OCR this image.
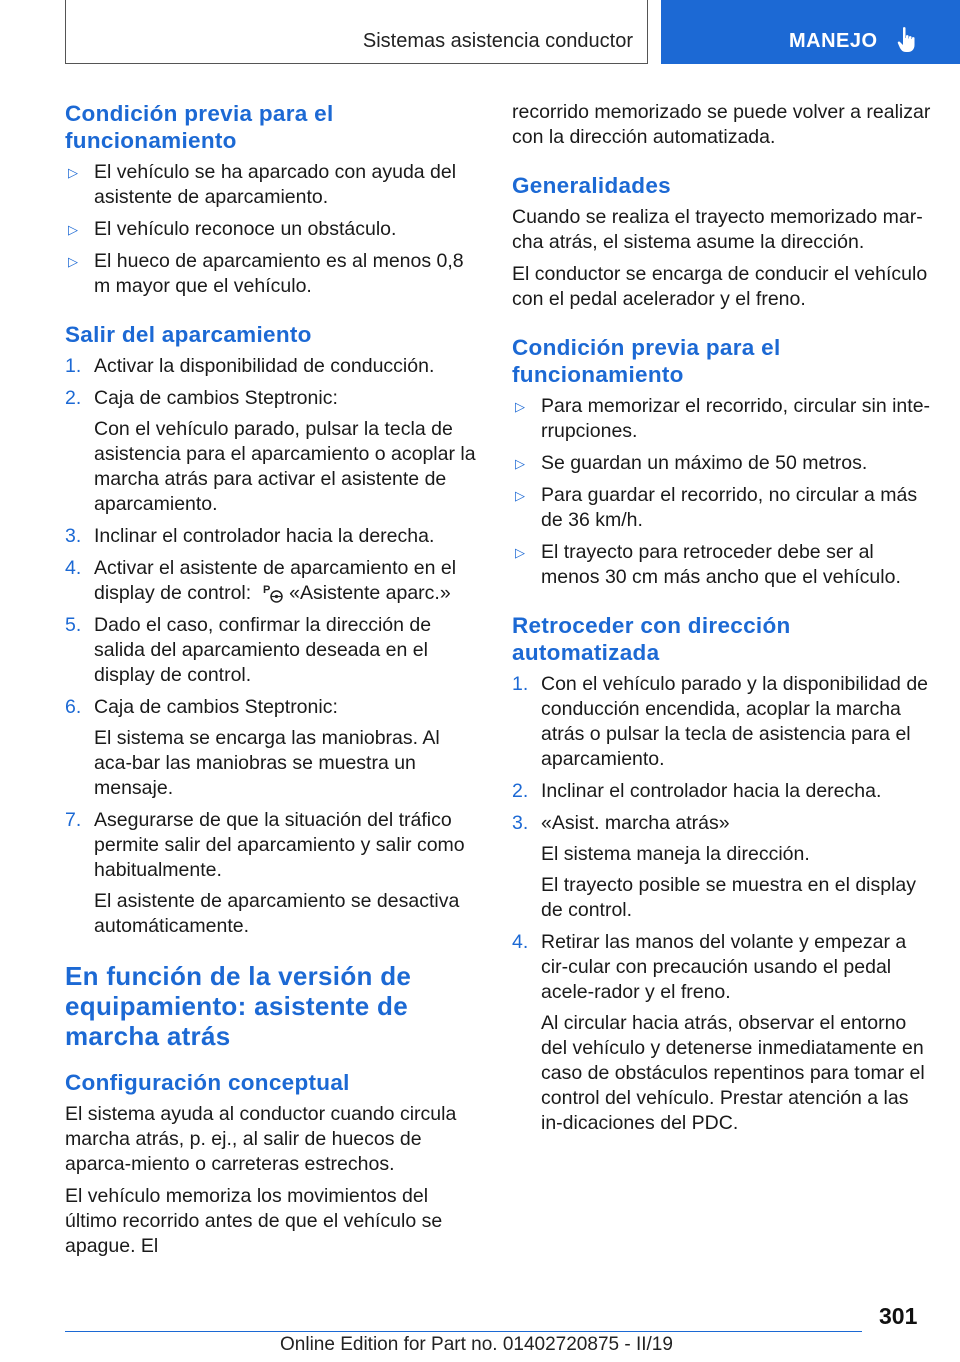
Sistemas asistencia conductor	MANEJO
Condición previa para el funcionamiento
▷ El vehículo se ha aparcado con ayuda del asistente de aparcamiento.
▷ El vehículo reconoce un obstáculo.
▷ El hueco de aparcamiento es al menos 0,8 m mayor que el vehículo.
Salir del aparcamiento
1. Activar la disponibilidad de conducción.
2. Caja de cambios Steptronic:

Con el vehículo parado, pulsar la tecla de asistencia para el aparcamiento o acoplar la marcha atrás para activar el asistente de aparcamiento.

3. Inclinar el controlador hacia la derecha.
4. Activar el asistente de aparcamiento en el display de control: P «Asistente aparc.»
5. Dado el caso, confirmar la dirección de salida del aparcamiento deseada en el display de control.
6. Caja de cambios Steptronic:

El sistema se encarga las maniobras. Al aca-bar las maniobras se muestra un mensaje.

7. Asegurarse de que la situación del tráfico permite salir del aparcamiento y salir como habitualmente.

El asistente de aparcamiento se desactiva automáticamente.

En función de la versión de equipamiento: asistente de marcha atrás
Configuración conceptual

El sistema ayuda al conductor cuando circula marcha atrás, p. ej., al salir de huecos de aparca-miento o carreteras estrechos.

El vehículo memoriza los movimientos del último recorrido antes de que el vehículo se apague. El

recorrido memorizado se puede volver a realizar con la dirección automatizada.

Generalidades

Cuando se realiza el trayecto memorizado mar-cha atrás, el sistema asume la dirección.

El conductor se encarga de conducir el vehículo con el pedal acelerador y el freno.

Condición previa para el funcionamiento
▷ Para memorizar el recorrido, circular sin inte-rrupciones.
▷ Se guardan un máximo de 50 metros.
▷ Para guardar el recorrido, no circular a más de 36 km/h.
▷ El trayecto para retroceder debe ser al menos 30 cm más ancho que el vehículo.
Retroceder con dirección automatizada
1. Con el vehículo parado y la disponibilidad de conducción encendida, acoplar la marcha atrás o pulsar la tecla de asistencia para el aparcamiento.
2. Inclinar el controlador hacia la derecha.
3. «Asist. marcha atrás»

El sistema maneja la dirección.

El trayecto posible se muestra en el display de control.

4. Retirar las manos del volante y empezar a cir-cular con precaución usando el pedal acele-rador y el freno.

Al circular hacia atrás, observar el entorno del vehículo y detenerse inmediatamente en caso de obstáculos repentinos para tomar el control del vehículo. Prestar atención a las in-dicaciones del PDC.

301
Online Edition for Part no. 01402720875 - II/19
